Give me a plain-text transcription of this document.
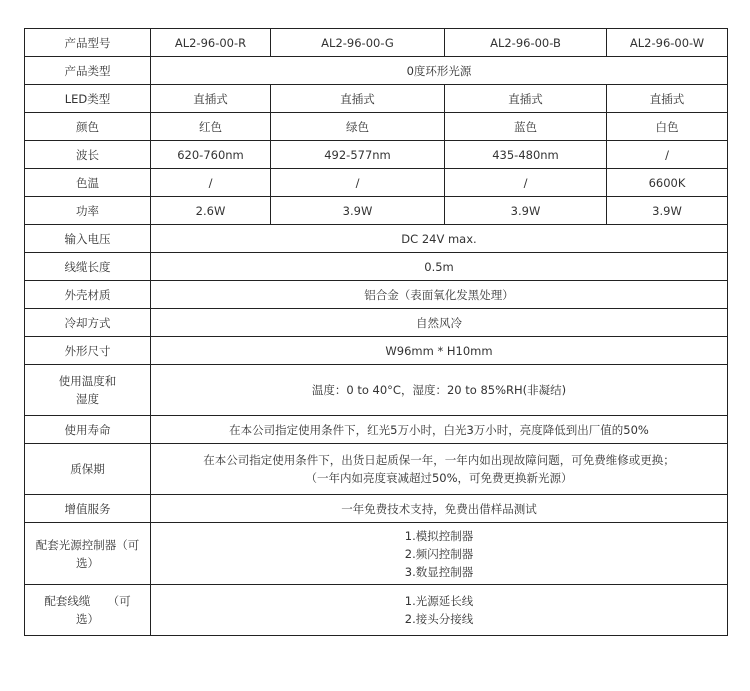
产品型号	AL2-96-00-R	AL2-96-00-G	AL2-96-00-B	AL2-96-00-W
产品类型	0度环形光源			
LED类型	直插式	直插式	直插式	直插式
颜色	红色	绿色	蓝色	白色
波长	620-760nm	492-577nm	435-480nm	/
色温	/	/	/	6600K
功率	2.6W	3.9W	3.9W	3.9W
输入电压	DC 24V max.			
线缆长度	0.5m			
外壳材质	铝合金（表面氧化发黑处理）			
冷却方式	自然风冷			
外形尺寸	W96mm * H10mm			

使用温度和
湿度	温度：0 to 40°C，湿度：20 to 85%RH(非凝结)			
使用寿命	在本公司指定使用条件下，红光5万小时，白光3万小时，亮度降低到出厂值的50%			
质保期	在本公司指定使用条件下，出货日起质保一年，一年内如出现故障问题，可免费维修或更换；
（一年内如亮度衰减超过50%，可免费更换新光源）			

增值服务	一年免费技术支持，免费出借样品测试			

配套光源控制器（可
选）	1.模拟控制器
2.频闪控制器
3.数显控制器			

配套线缆　　（可
选）	1.光源延长线
2.接头分接线			
